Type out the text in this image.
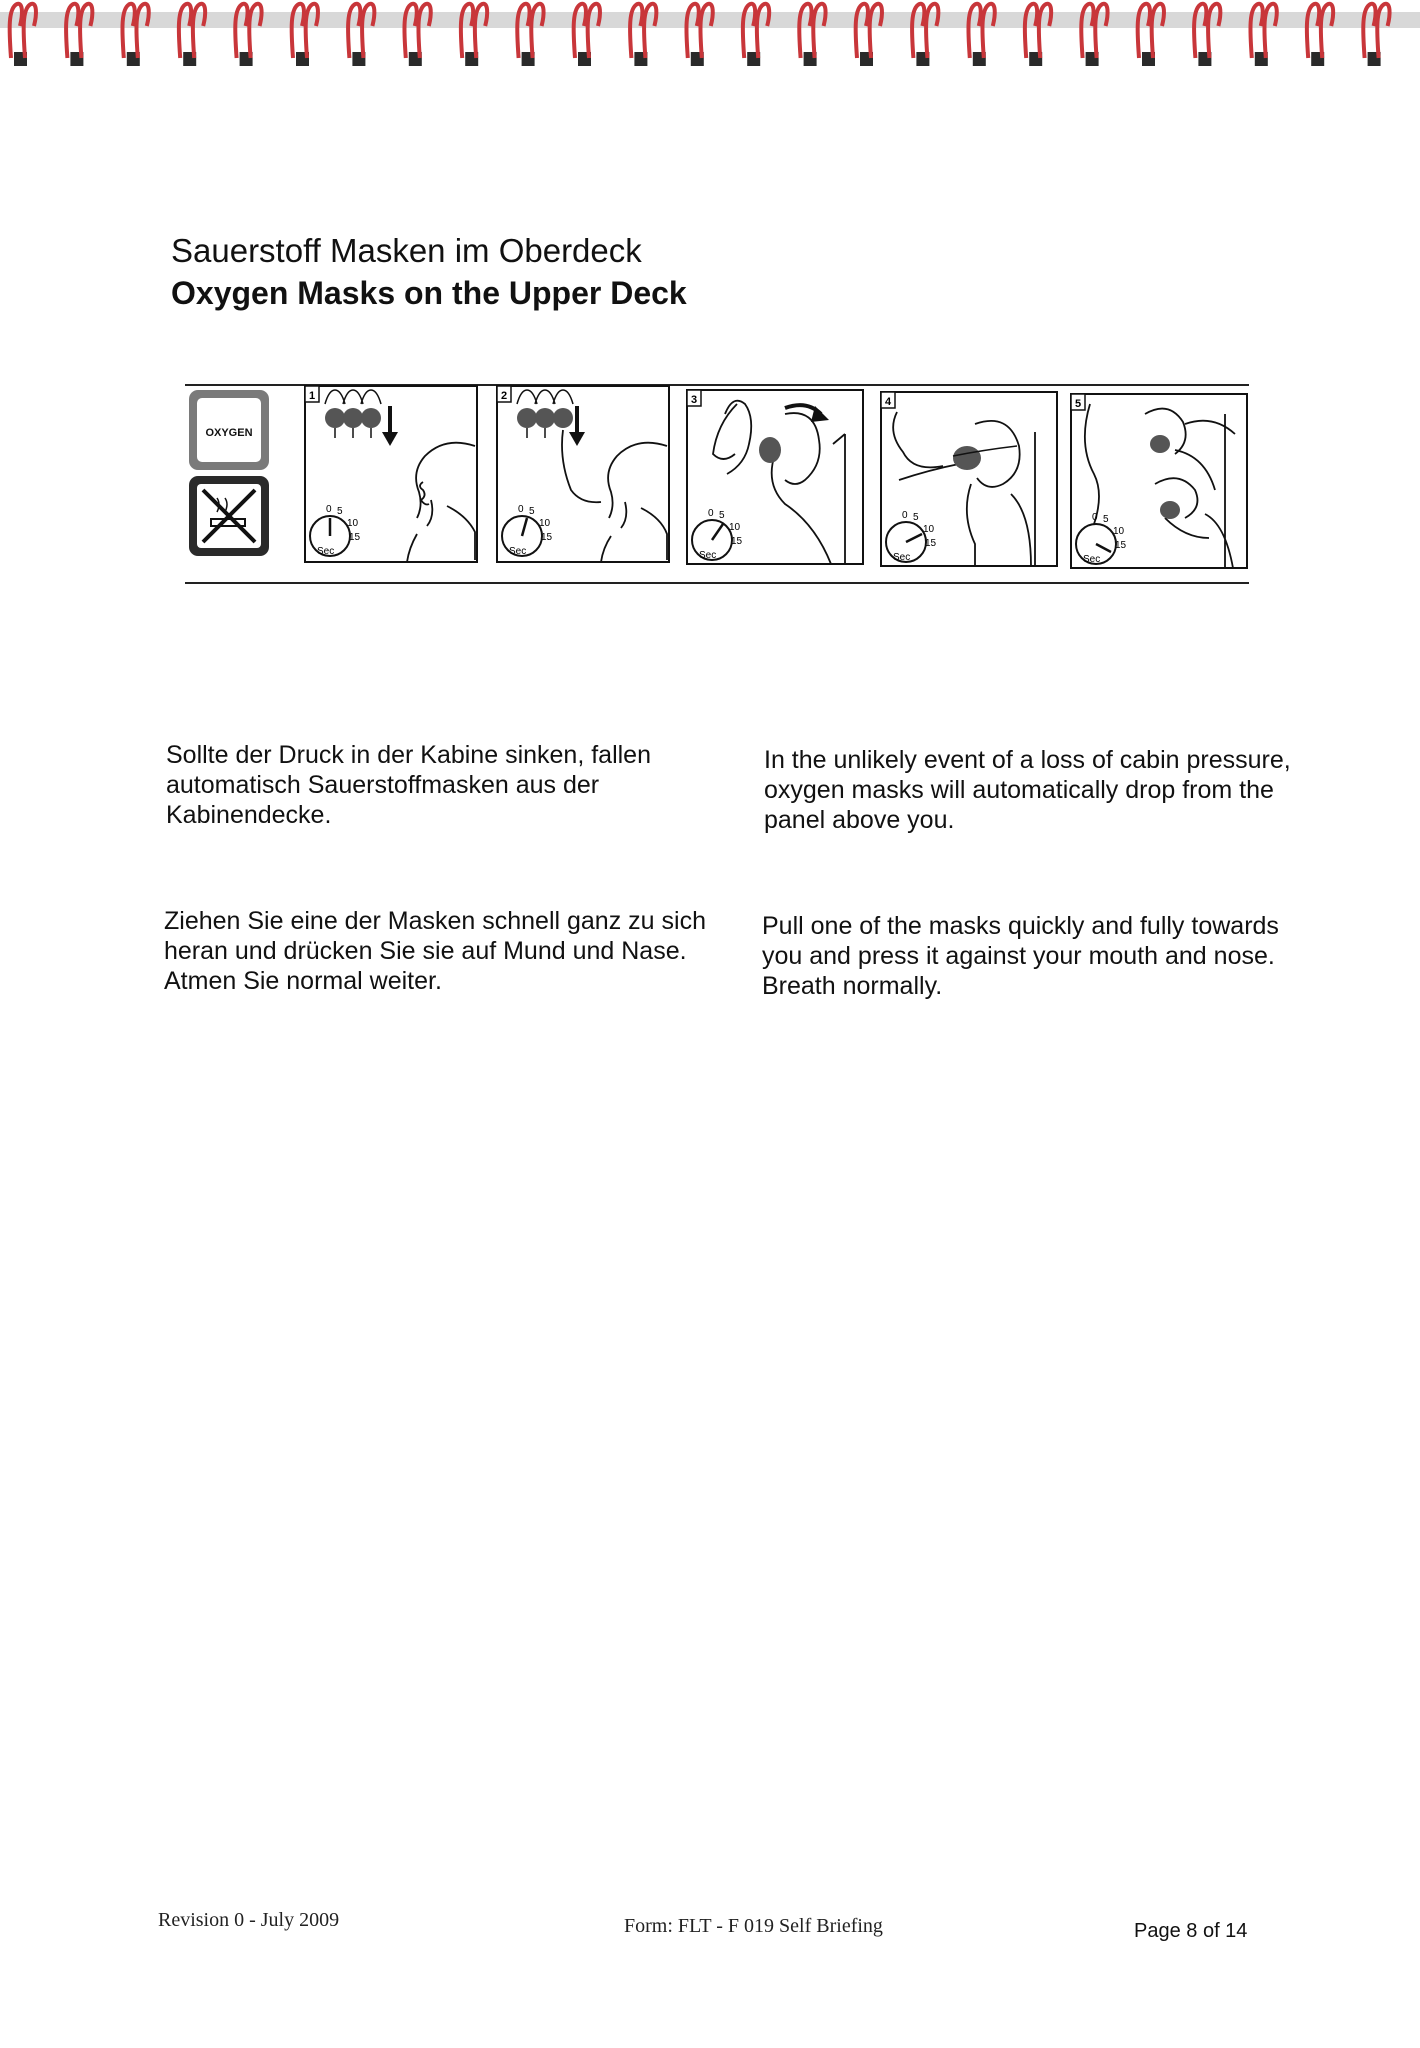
Sauerstoff Masken im Oberdeck
Oxygen Masks on the Upper Deck
OXYGEN
1
0 5
10
15
Sec
2
0 5
10
15
Sec
3
0 5
10
15
Sec
4
0 5
10
15
Sec
5
0 5
10
15
Sec
Sollte der Druck in der Kabine sinken, fallen automatisch Sauerstoffmasken aus der Kabinendecke.
In the unlikely event of a loss of cabin pressure, oxygen masks will automatically drop from the panel above you.
Ziehen Sie eine der Masken schnell ganz zu sich heran und drücken Sie sie auf Mund und Nase. Atmen Sie normal weiter.
Pull one of the masks quickly and fully towards you and press it against your mouth and nose. Breath normally.
Revision 0 - July 2009	Form: FLT - F 019 Self Briefing	Page 8 of 14
